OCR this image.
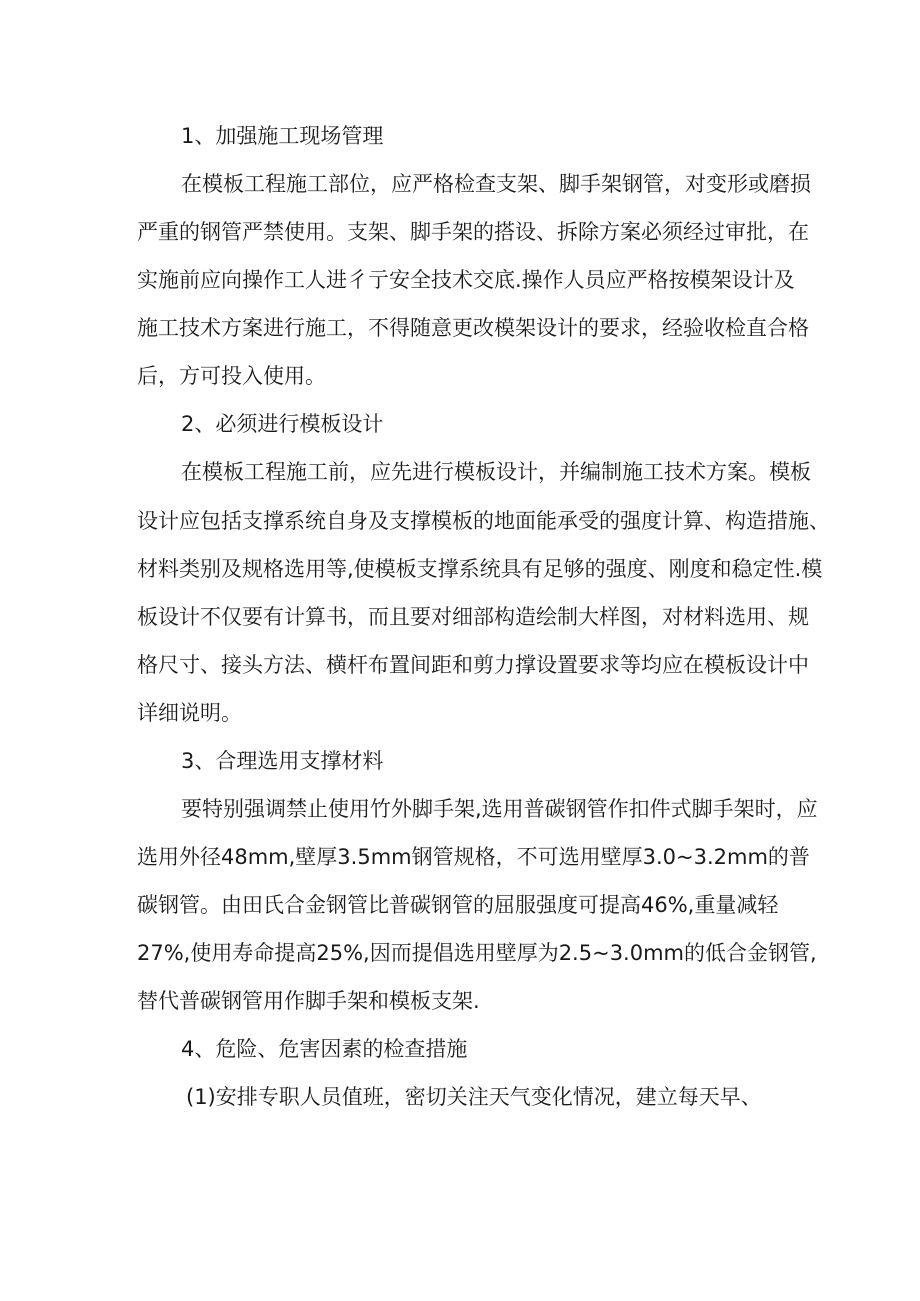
1、加强施工现场管理
在模板工程施工部位，应严格检查支架、脚手架钢管，对变形或磨损
严重的钢管严禁使用。支架、脚手架的搭设、拆除方案必须经过审批，在
实施前应向操作工人进彳亍安全技术交底.操作人员应严格按模架设计及
施工技术方案进行施工，不得随意更改模架设计的要求，经验收检直合格
后，方可投入使用。
2、必须进行模板设计
在模板工程施工前，应先进行模板设计，并编制施工技术方案。模板
设计应包括支撑系统自身及支撑模板的地面能承受的强度计算、构造措施、
材料类别及规格选用等,使模板支撑系统具有足够的强度、刚度和稳定性.模
板设计不仅要有计算书，而且要对细部构造绘制大样图，对材料选用、规
格尺寸、接头方法、横杆布置间距和剪力撑设置要求等均应在模板设计中
详细说明。
3、合理选用支撑材料
要特别强调禁止使用竹外脚手架,选用普碳钢管作扣件式脚手架时，应
选用外径48mm,壁厚3.5mm钢管规格，不可选用壁厚3.0~3.2mm的普
碳钢管。由田氏合金钢管比普碳钢管的屈服强度可提高46%,重量减轻
27%,使用寿命提高25%,因而提倡选用壁厚为2.5~3.0mm的低合金钢管,
替代普碳钢管用作脚手架和模板支架.
4、危险、危害因素的检查措施
(1)安排专职人员值班，密切关注天气变化情况，建立每天早、
